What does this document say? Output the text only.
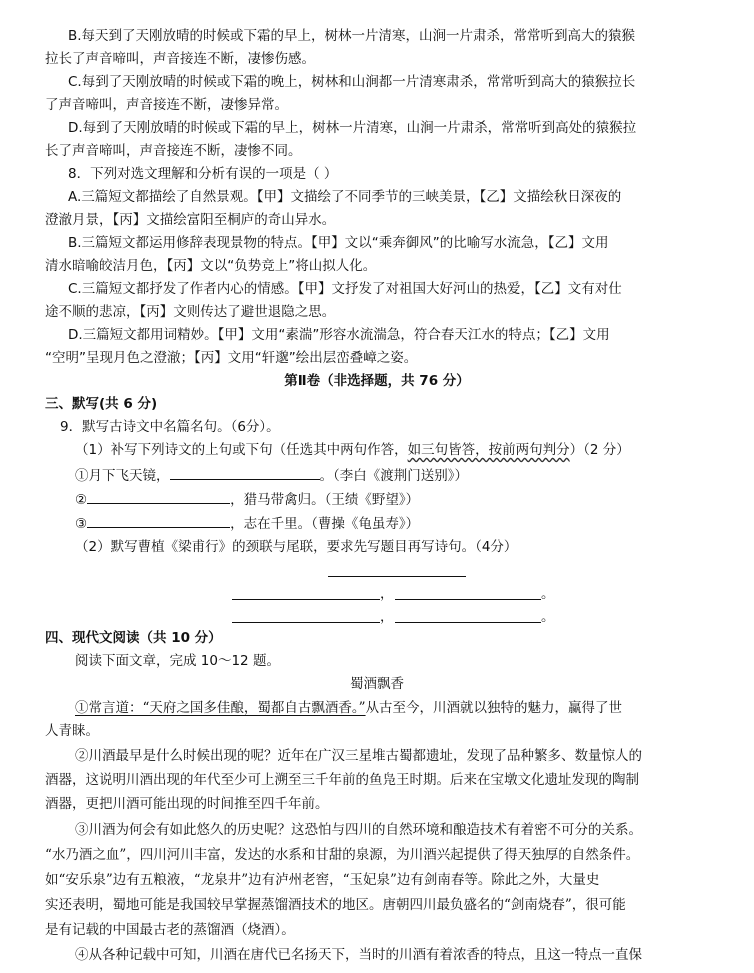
B.每天到了天刚放晴的时候或下霜的早上，树林一片清寒，山涧一片肃杀，常常听到高大的猿猴
拉长了声音啼叫，声音接连不断，凄惨伤感。
C.每到了天刚放晴的时候或下霜的晚上，树林和山涧都一片清寒肃杀，常常听到高大的猿猴拉长
了声音啼叫，声音接连不断，凄惨异常。
D.每到了天刚放晴的时候或下霜的早上，树林一片清寒，山涧一片肃杀，常常听到高处的猿猴拉
长了声音啼叫，声音接连不断，凄惨不同。
8．下列对选文理解和分析有误的一项是（ ）
A.三篇短文都描绘了自然景观。【甲】文描绘了不同季节的三峡美景，【乙】文描绘秋日深夜的
澄澈月景，【丙】文描绘富阳至桐庐的奇山异水。
B.三篇短文都运用修辞表现景物的特点。【甲】文以“乘奔御风”的比喻写水流急，【乙】文用
清水暗喻皎洁月色，【丙】文以“负势竞上”将山拟人化。
C.三篇短文都抒发了作者内心的情感。【甲】文抒发了对祖国大好河山的热爱，【乙】文有对仕
途不顺的悲凉，【丙】文则传达了避世退隐之思。
D.三篇短文都用词精妙。【甲】文用“素湍”形容水流湍急，符合春天江水的特点；【乙】文用
“空明”呈现月色之澄澈；【丙】文用“轩邈”绘出层峦叠嶂之姿。
第Ⅱ卷（非选择题，共 76 分）
三、默写(共 6 分)
9．默写古诗文中名篇名句。（6分）。
（1）补写下列诗文的上句或下句（任选其中两句作答，如三句皆答，按前两句判分）（2 分）
①月下飞天镜，	。（李白《渡荆门送别》）
②	，猎马带禽归。（王绩《野望》）
③	，志在千里。（曹操《龟虽寿》）
（2）默写曹植《梁甫行》的颈联与尾联，要求先写题目再写诗句。（4分）
，	。
，	。
四、现代文阅读（共 10 分）
阅读下面文章，完成 10～12 题。
蜀酒飘香
①常言道：“天府之国多佳酿，蜀都自古飘酒香。”从古至今，川酒就以独特的魅力，赢得了世
人青睐。
②川酒最早是什么时候出现的呢？近年在广汉三星堆古蜀都遗址，发现了品种繁多、数量惊人的
酒器，这说明川酒出现的年代至少可上溯至三千年前的鱼凫王时期。后来在宝墩文化遗址发现的陶制
酒器，更把川酒可能出现的时间推至四千年前。
③川酒为何会有如此悠久的历史呢？这恐怕与四川的自然环境和酿造技术有着密不可分的关系。
“水乃酒之血”，四川河川丰富，发达的水系和甘甜的泉源，为川酒兴起提供了得天独厚的自然条件。
如“安乐泉”边有五粮液，“龙泉井”边有泸州老窖，“玉妃泉”边有剑南春等。除此之外，大量史
实还表明，蜀地可能是我国较早掌握蒸馏酒技术的地区。唐朝四川最负盛名的“剑南烧春”，很可能
是有记载的中国最古老的蒸馏酒（烧酒）。
④从各种记载中可知，川酒在唐代已名扬天下，当时的川酒有着浓香的特点，且这一特点一直保
